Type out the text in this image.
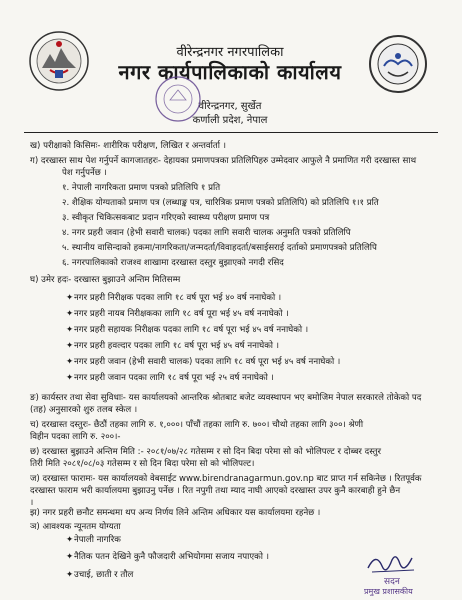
वीरेन्द्रनगर नगरपालिका
नगर कार्यपालिकाको कार्यालय
वीरेन्द्रनगर, सुर्खेत
कर्णाली प्रदेश, नेपाल
ख) परीक्षाको किसिमः- शारीरिक परीक्षण, लिखित र अन्तर्वार्ता ।
ग) दरखास्त साथ पेश गर्नुपर्ने कागजातहरः- देहायका प्रमाणपत्रका प्रतिलिपिहरु उम्मेदवार आफुले नै प्रमाणित गरी दरखास्त साथ
पेश गर्नुपर्नेछ ।
१. नेपाली नागरिकता प्रमाण पत्रको प्रतिलिपि १ प्रति
२. शैक्षिक योग्यताको प्रमाण पत्र (लब्धाङ्क पत्र, चारित्रिक प्रमाण पत्रको प्रतिलिपि) को प्रतिलिपि १।१ प्रति
३. स्वीकृत चिकित्सकबाट प्रदान गरिएको स्वास्थ्य परीक्षण प्रमाण पत्र
४. नगर प्रहरी जवान (हेभी सवारी चालक) पदका लागि सवारी चालक अनुमति पत्रको प्रतिलिपि
५. स्थानीय वासिन्दाको हकमा/नागरिकता/जन्मदर्ता/विवाहदर्ता/बसाईसराई दर्ताको प्रमाणपत्रको प्रतिलिपि
६. नगरपालिकाको राजश्व शाखामा दरखास्त दस्तुर बुझाएको नगदी रसिद
घ) उमेर हदः- दरखास्त बुझाउने अन्तिम मितिसम्म
✦ नगर प्रहरी निरीक्षक पदका लागि १८ वर्ष पूरा भई ४० वर्ष ननाघेको ।
✦ नगर प्रहरी नायब निरीक्षकका लागि १८ वर्ष पूरा भई ४५ वर्ष ननाघेको ।
✦ नगर प्रहरी सहायक निरीक्षक पदका लागि १८ वर्ष पूरा भई ४५ वर्ष ननाघेको ।
✦ नगर प्रहरी हवल्दार पदका लागि १८ वर्ष पूरा भई ४५ वर्ष ननाघेको ।
✦ नगर प्रहरी जवान (हेभी सवारी चालक) पदका लागि १८ वर्ष पूरा भई ४५ वर्ष ननाघेको ।
✦ नगर प्रहरी जवान पदका लागि १८ वर्ष पूरा भई २५ वर्ष ननाघेको ।
ङ) कार्यस्तर तथा सेवा सुविधाः- यस कार्यालयको आन्तरिक श्रोतबाट बजेट व्यवस्थापन भए बमोजिम नेपाल सरकारले तोकेको पद
(तह) अनुसारको शुरु तलब स्केल ।
च) दरखास्त दस्तुरः- छैठौं तहका लागि रु. १,०००। पाँचौं तहका लागि रु. ७००। चौथो तहका लागि ३००। श्रेणी
विहीन पदका लागि रु. २००।-
छ) दरखास्त बुझाउने अन्तिम मिति :- २०८१/०७/२८ गतेसम्म र सो दिन बिदा परेमा सो को भोलिपल्ट र दोब्बर दस्तुर
तिरी मिति २०८१/०८/०३ गतेसम्म र सो दिन बिदा परेमा सो को भोलिपल्ट।
ज) दरखास्त फारामः- यस कार्यालयको वेबसाईट www.birendranagarmun.gov.np बाट प्राप्त गर्न सकिनेछ । रितपूर्वक
दरखास्त फाराम भरी कार्यालयमा बुझाउनु पर्नेछ । रित नपुगी तथा म्याद नाघी आएको दरखास्त उपर कुनै कारबाही हुने छैन
।
झ) नगर प्रहरी छनौट समन्धमा थप अन्य निर्णय लिने अन्तिम अधिकार यस कार्यालयमा रहनेछ ।
ञ) आवश्यक न्यूनतम योग्यता
✦ नेपाली नागरिक
✦ नैतिक पतन देखिने कुनै फौजदारी अभियोगमा सजाय नपाएको ।
✦ उचाई, छाती र तौल
सदन
प्रमुख प्रशासकीय
